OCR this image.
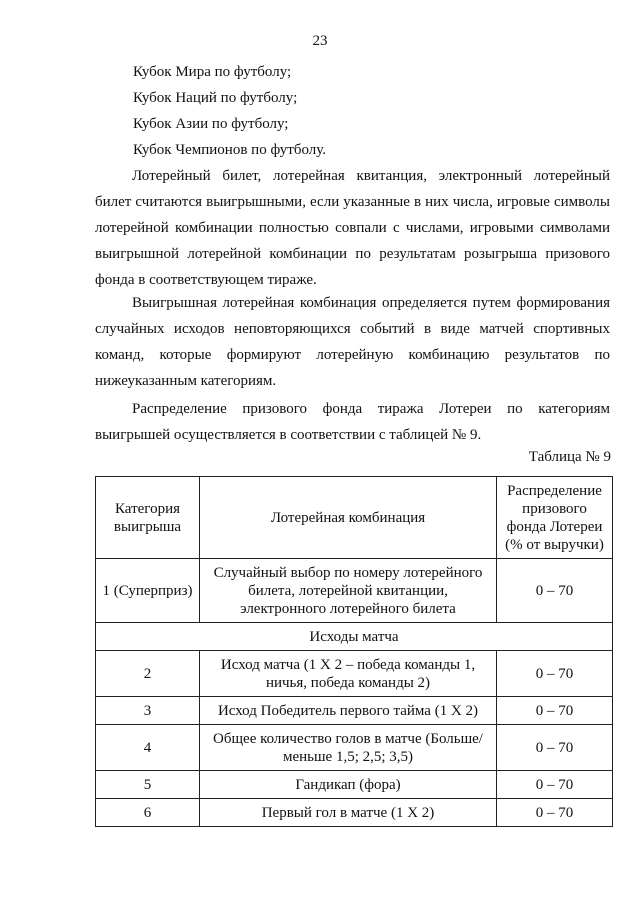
23
Кубок Мира по футболу;
Кубок Наций по футболу;
Кубок Азии по футболу;
Кубок Чемпионов по футболу.

Лотерейный билет, лотерейная квитанция, электронный лотерейный билет считаются выигрышными, если указанные в них числа, игровые символы лотерейной комбинации полностью совпали с числами, игровыми символами выигрышной лотерейной комбинации по результатам розыгрыша призового фонда в соответствующем тираже.

Выигрышная лотерейная комбинация определяется путем формирования случайных исходов неповторяющихся событий в виде матчей спортивных команд, которые формируют лотерейную комбинацию результатов по нижеуказанным категориям.

Распределение призового фонда тиража Лотереи по категориям выигрышей осуществляется в соответствии с таблицей № 9.

Таблица № 9
Категория выигрыша	Лотерейная комбинация	Распределение призового фонда Лотереи (% от выручки)
1 (Суперприз)	Случайный выбор по номеру лотерейного билета, лотерейной квитанции, электронного лотерейного билета	0 – 70
Исходы матча		
2	Исход матча (1 X 2 – победа команды 1, ничья, победа команды 2)	0 – 70
3	Исход Победитель первого тайма (1 X 2)	0 – 70
4	Общее количество голов в матче (Больше/меньше 1,5; 2,5; 3,5)	0 – 70
5	Гандикап (фора)	0 – 70
6	Первый гол в матче (1 X 2)	0 – 70
